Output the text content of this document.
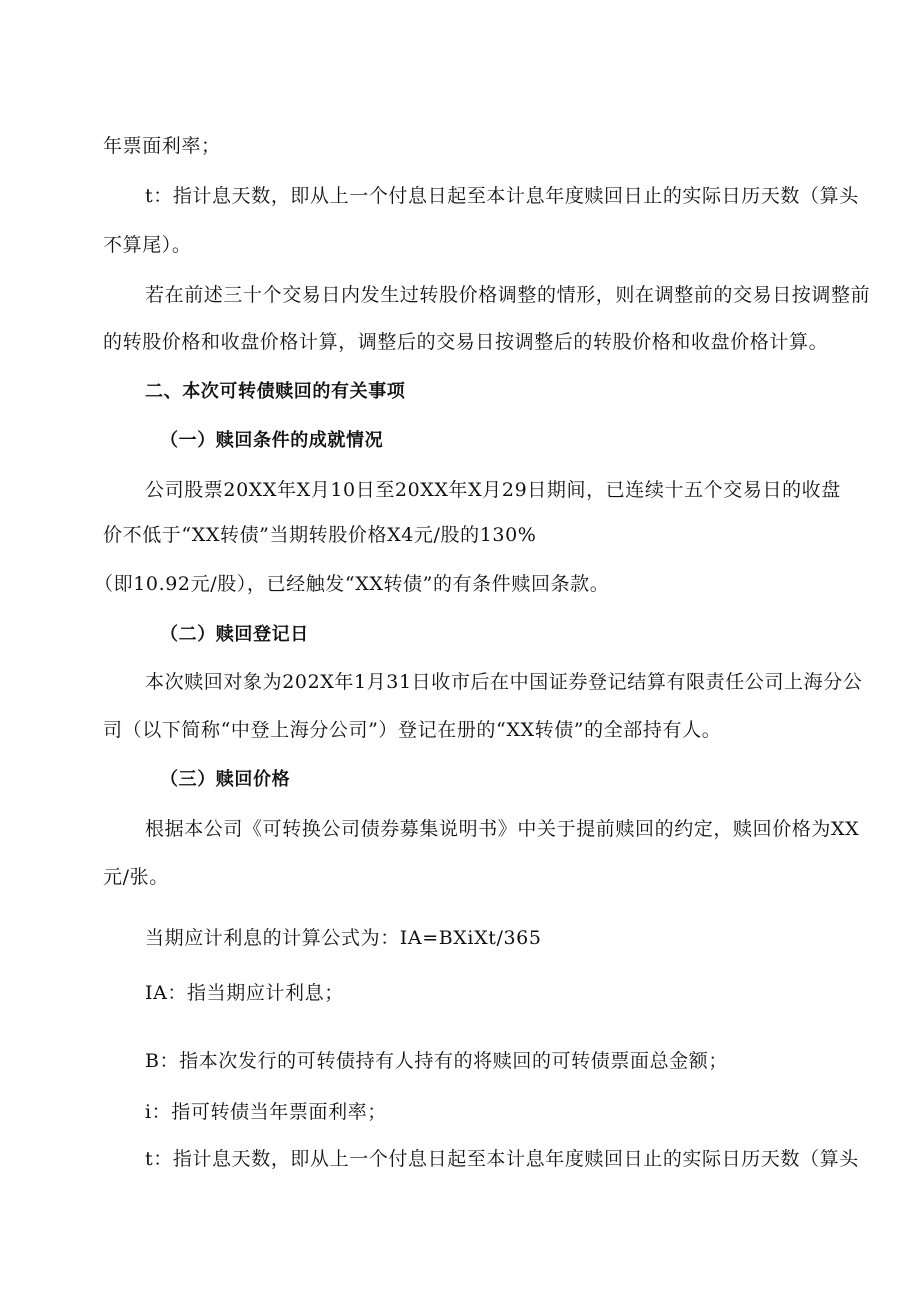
年票面利率；
t：指计息天数，即从上一个付息日起至本计息年度赎回日止的实际日历天数（算头
不算尾）。
若在前述三十个交易日内发生过转股价格调整的情形，则在调整前的交易日按调整前
的转股价格和收盘价格计算，调整后的交易日按调整后的转股价格和收盘价格计算。
二、本次可转债赎回的有关事项
（一）赎回条件的成就情况
公司股票20XX年X月10日至20XX年X月29日期间，已连续十五个交易日的收盘
价不低于“XX转债”当期转股价格X4元/股的130%
（即10.92元/股），已经触发“XX转债”的有条件赎回条款。
（二）赎回登记日
本次赎回对象为202X年1月31日收市后在中国证券登记结算有限责任公司上海分公
司（以下简称“中登上海分公司”）登记在册的“XX转债”的全部持有人。
（三）赎回价格
根据本公司《可转换公司债券募集说明书》中关于提前赎回的约定，赎回价格为XX
元/张。
当期应计利息的计算公式为：IA=BXiXt/365
IA：指当期应计利息；
B：指本次发行的可转债持有人持有的将赎回的可转债票面总金额；
i：指可转债当年票面利率；
t：指计息天数，即从上一个付息日起至本计息年度赎回日止的实际日历天数（算头
